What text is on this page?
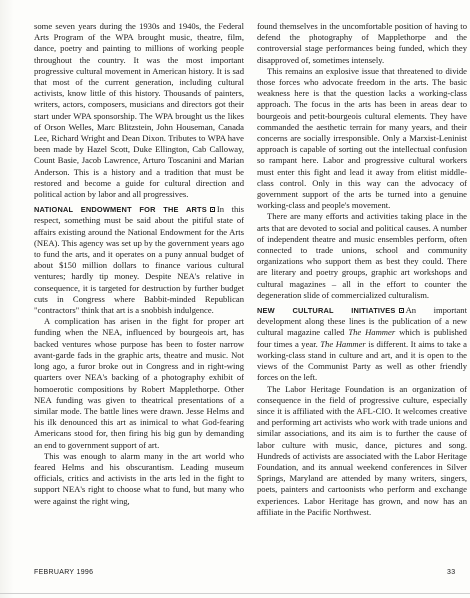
some seven years during the 1930s and 1940s, the Federal Arts Program of the WPA brought music, theatre, film, dance, poetry and painting to millions of working people throughout the country. It was the most important progressive cultural movement in American history. It is sad that most of the current generation, including cultural activists, know little of this history. Thousands of painters, writers, actors, composers, musicians and directors got their start under WPA sponsorship. The WPA brought us the likes of Orson Welles, Marc Blitzstein, John Houseman, Canada Lee, Richard Wright and Dean Dixon. Tributes to WPA have been made by Hazel Scott, Duke Ellington, Cab Calloway, Count Basie, Jacob Lawrence, Arturo Toscanini and Marian Anderson. This is a history and a tradition that must be restored and become a guide for cultural direction and political action by labor and all progressives.

NATIONAL ENDOWMENT FOR THE ARTS In this respect, something must be said about the pitiful state of affairs existing around the National Endowment for the Arts (NEA). This agency was set up by the government years ago to fund the arts, and it operates on a puny annual budget of about $150 million dollars to finance various cultural ventures; hardly tip money. Despite NEA's relative in consequence, it is targeted for destruction by further budget cuts in Congress where Babbit-minded Republican "contractors" think that art is a snobbish indulgence.

A complication has arisen in the fight for proper art funding when the NEA, influenced by bourgeois art, has backed ventures whose purpose has been to foster narrow avant-garde fads in the graphic arts, theatre and music. Not long ago, a furor broke out in Congress and in right-wing quarters over NEA's backing of a photography exhibit of homoerotic compositions by Robert Mapplethorpe. Other NEA funding was given to theatrical presentations of a similar mode. The battle lines were drawn. Jesse Helms and his ilk denounced this art as inimical to what God-fearing Americans stood for, then firing his big gun by demanding an end to government support of art.

This was enough to alarm many in the art world who feared Helms and his obscurantism. Leading museum officials, critics and activists in the arts led in the fight to support NEA's right to choose what to fund, but many who were against the right wing,

found themselves in the uncomfortable position of having to defend the photography of Mapplethorpe and the controversial stage performances being funded, which they disapproved of, sometimes intensely.

This remains an explosive issue that threatened to divide those forces who advocate freedom in the arts. The basic weakness here is that the question lacks a working-class approach. The focus in the arts has been in areas dear to bourgeois and petit-bourgeois cultural elements. They have commanded the aesthetic terrain for many years, and their concerns are socially irresponsible. Only a Marxist-Leninist approach is capable of sorting out the intellectual confusion so rampant here. Labor and progressive cultural workers must enter this fight and lead it away from elitist middle-class control. Only in this way can the advocacy of government support of the arts be turned into a genuine working-class and people's movement.

There are many efforts and activities taking place in the arts that are devoted to social and political causes. A number of independent theatre and music ensembles perform, often connected to trade unions, school and community organizations who support them as best they could. There are literary and poetry groups, graphic art workshops and cultural magazines – all in the effort to counter the degeneration slide of commercialized culturalism.

NEW CULTURAL INITIATIVES An important development along these lines is the publication of a new cultural magazine called The Hammer which is published four times a year. The Hammer is different. It aims to take a working-class stand in culture and art, and it is open to the views of the Communist Party as well as other friendly forces on the left.

The Labor Heritage Foundation is an organization of consequence in the field of progressive culture, especially since it is affiliated with the AFL-CIO. It welcomes creative and performing art activists who work with trade unions and similar associations, and its aim is to further the cause of labor culture with music, dance, pictures and song. Hundreds of activists are associated with the Labor Heritage Foundation, and its annual weekend conferences in Silver Springs, Maryland are attended by many writers, singers, poets, painters and cartoonists who perform and exchange experiences. Labor Heritage has grown, and now has an affiliate in the Pacific Northwest.

FEBRUARY 1996	33
